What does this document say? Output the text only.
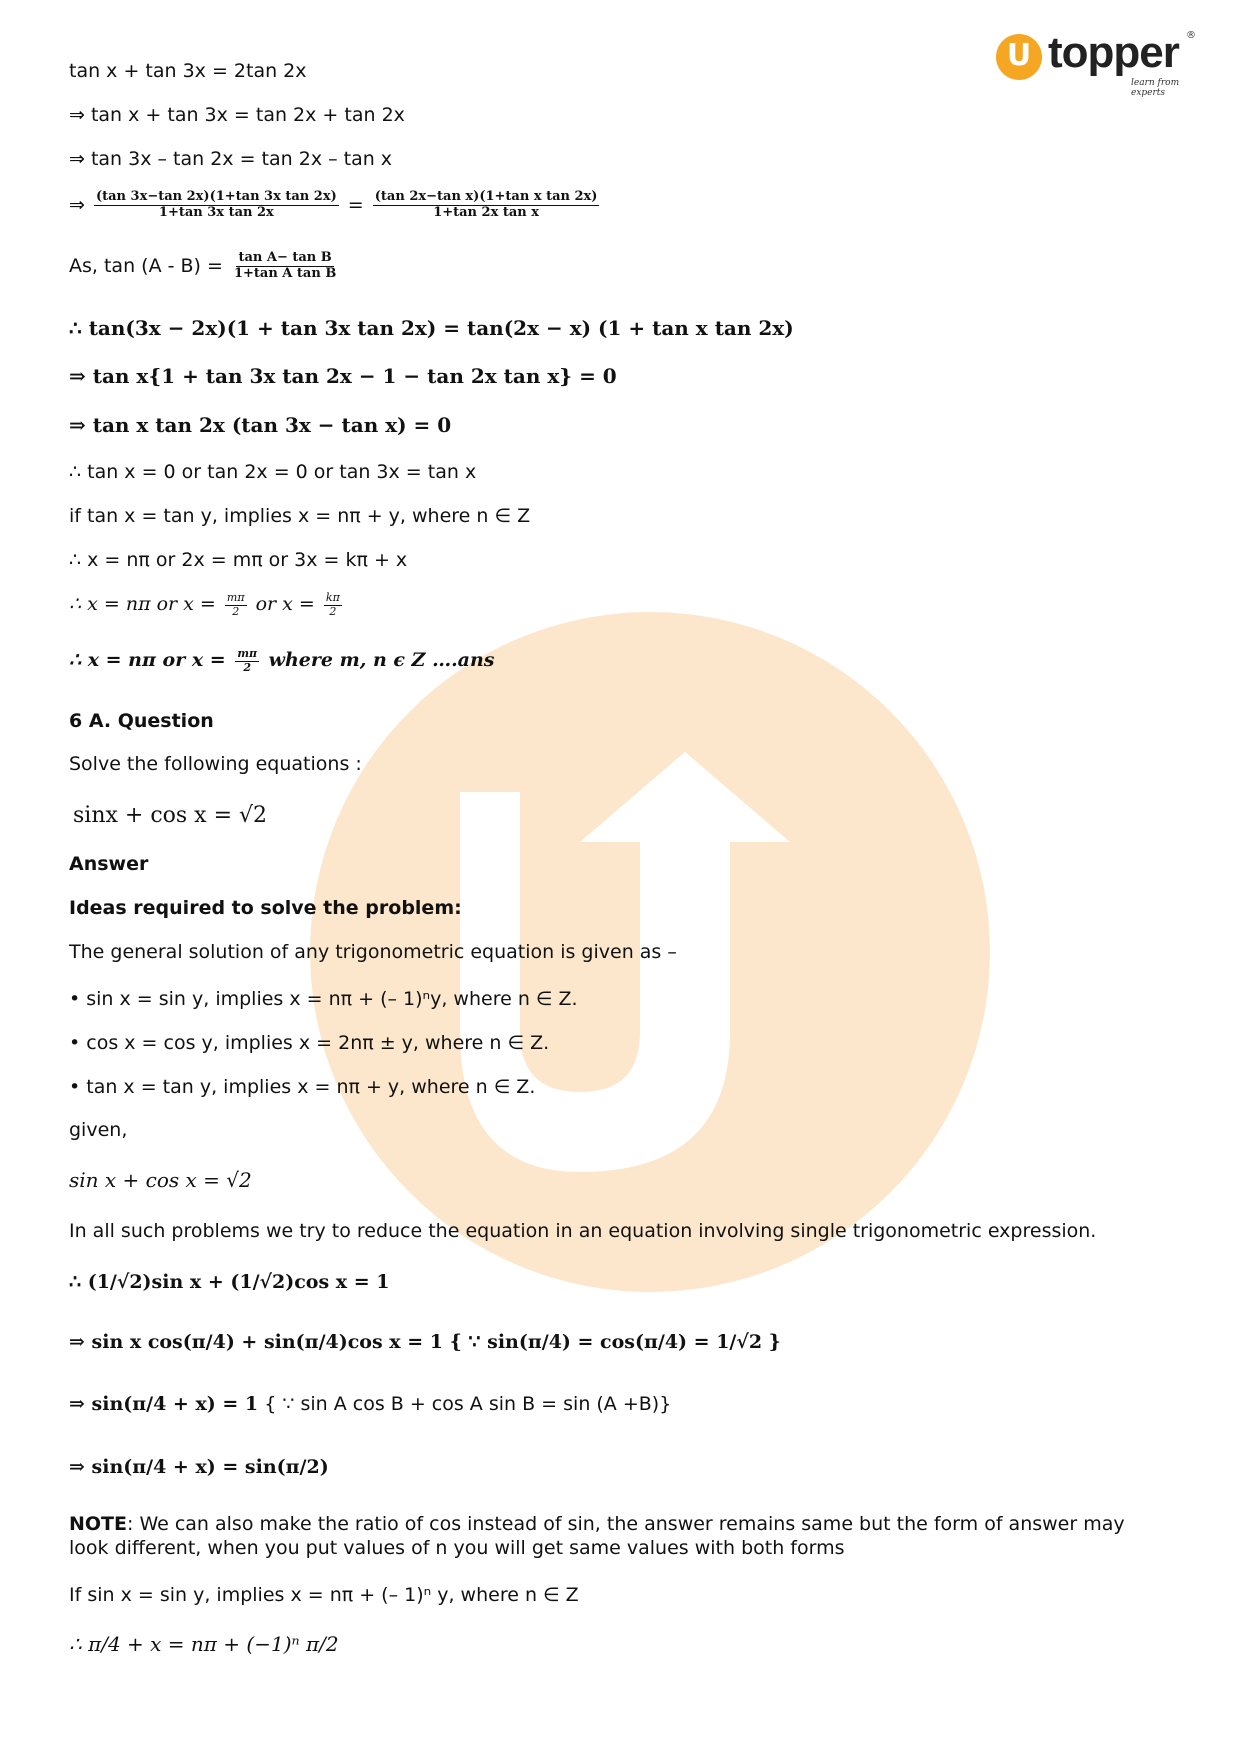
U topper
learn from experts
®
tan x + tan 3x = 2tan 2x
⇒ tan x + tan 3x = tan 2x + tan 2x
⇒ tan 3x – tan 2x = tan 2x – tan x
⇒ $\frac{\text{(tan 3x−tan 2x)(1+tan 3x tan 2x)}}{\text{1+tan 3x tan 2x}} = \frac{\text{(tan 2x−tan x)(1+tan x tan 2x)}}{\text{1+tan 2x tan x}}$
As, $\tan (A - B) = \frac{\text{tan A− tan B}}{\text{1+tan A tan B}}$
∴ tan(3x − 2x)(1 + tan 3x tan 2x) = tan(2x − x) (1 + tan x tan 2x)
⇒ tan x{1 + tan 3x tan 2x − 1 − tan 2x tan x} = 0
⇒ tan x tan 2x (tan 3x − tan x) = 0
∴ tan x = 0 or tan 2x = 0 or tan 3x = tan x
if tan x = tan y, implies x = nπ + y, where n ∈ Z
∴ x = nπ or 2x = mπ or 3x = kπ + x
∴ x = nπ or $x = \frac{m\pi}{2}$ or $x = \frac{k\pi}{2}$
∴ x = nπ or $x = \frac{m\pi}{2}$ where m, n ϵ Z ….ans
6 A. Question
Solve the following equations :
sinx + cos x = √2
Answer
Ideas required to solve the problem:
The general solution of any trigonometric equation is given as –
• sin x = sin y, implies x = nπ + (– 1)ⁿy, where n ∈ Z.
• cos x = cos y, implies x = 2nπ ± y, where n ∈ Z.
• tan x = tan y, implies x = nπ + y, where n ∈ Z.
given,
sin x + cos x = √2
In all such problems we try to reduce the equation in an equation involving single trigonometric expression.
∴ (1/√2)sin x + (1/√2)cos x = 1
⇒ sin x cos(π/4) + sin(π/4)cos x = 1 { ∵ sin(π/4) = cos(π/4) = 1/√2 }
⇒ sin(π/4 + x) = 1 { ∵ sin A cos B + cos A sin B = sin (A +B)}
⇒ sin(π/4 + x) = sin(π/2)
NOTE: We can also make the ratio of cos instead of sin, the answer remains same but the form of answer may look different, when you put values of n you will get same values with both forms
If sin x = sin y, implies x = nπ + (– 1)ⁿ y, where n ∈ Z
∴ π/4 + x = nπ + (−1)ⁿ π/2
